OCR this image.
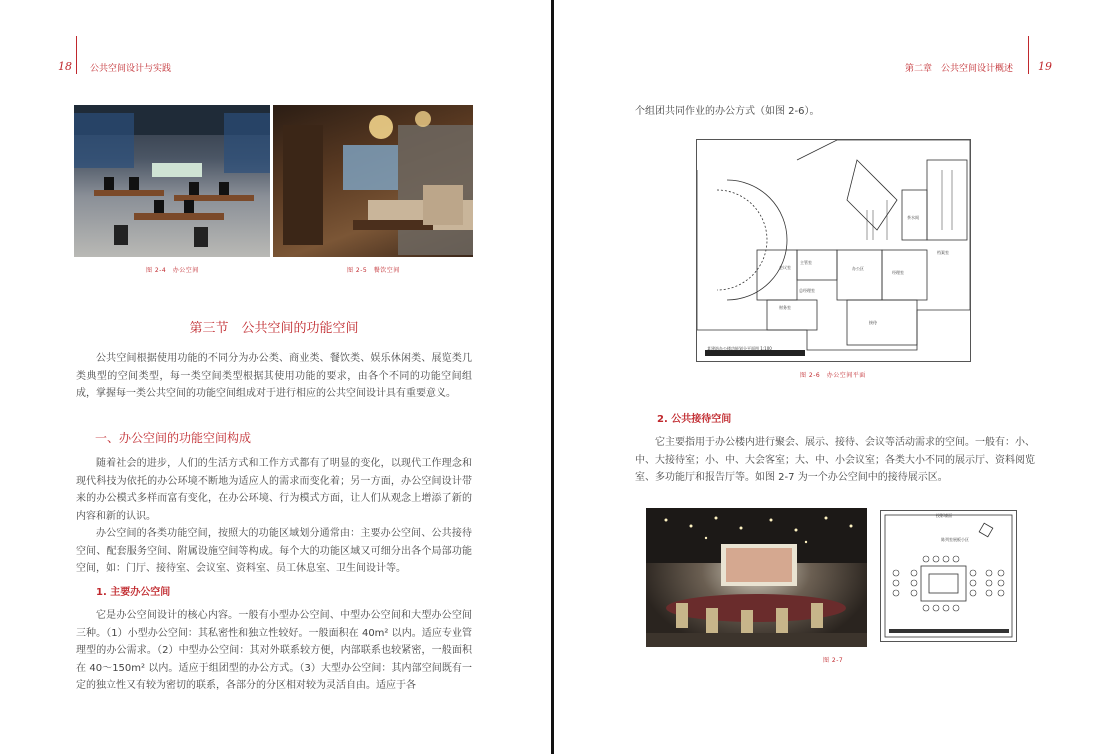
18 公共空间设计与实践
图 2-4　办公空间	图 2-5　餐饮空间
第三节　公共空间的功能空间

公共空间根据使用功能的不同分为办公类、商业类、餐饮类、娱乐休闲类、展览类几类典型的空间类型，每一类空间类型根据其使用功能的要求，由各个不同的功能空间组成，掌握每一类公共空间的功能空间组成对于进行相应的公共空间设计具有重要意义。

一、办公空间的功能空间构成

随着社会的进步，人们的生活方式和工作方式都有了明显的变化，以现代工作理念和现代科技为依托的办公环境不断地为适应人的需求而变化着；另一方面，办公空间设计带来的办公模式多样而富有变化，在办公环境、行为模式方面，让人们从观念上增添了新的内容和新的认识。

办公空间的各类功能空间，按照大的功能区域划分通常由：主要办公空间、公共接待空间、配套服务空间、附属设施空间等构成。每个大的功能区域又可细分出各个局部功能空间，如：门厅、接待室、会议室、资料室、员工休息室、卫生间设计等。

1. 主要办公空间

它是办公空间设计的核心内容。一般有小型办公空间、中型办公空间和大型办公空间三种。（1）小型办公空间：其私密性和独立性较好。一般面积在 40m² 以内。适应专业管理型的办公需求。（2）中型办公空间：其对外联系较方便，内部联系也较紧密，一般面积在 40～150m² 以内。适应于组团型的办公方式。（3）大型办公空间：其内部空间既有一定的独立性又有较为密切的联系，各部分的分区相对较为灵活自由。适应于各

第二章　公共空间设计概述 19
个组团共同作业的办公方式（如图 2-6）。
某建筑办公楼功能划分平面图 1:100
会议室
主管室
总经理室
财务室
办公区
接待
茶水间
经理室
档案室
图 2-6　办公空间平面
2. 公共接待空间

它主要指用于办公楼内进行聚会、展示、接待、会议等活动需求的空间。一般有：小、中、大接待室；小、中、大会客室；大、中、小会议室；各类大小不同的展示厅、资料阅览室、多功能厅和报告厅等。如图 2-7 为一个办公空间中的接待展示区。

图 2-7
投影墙面
陈列室展板小区
